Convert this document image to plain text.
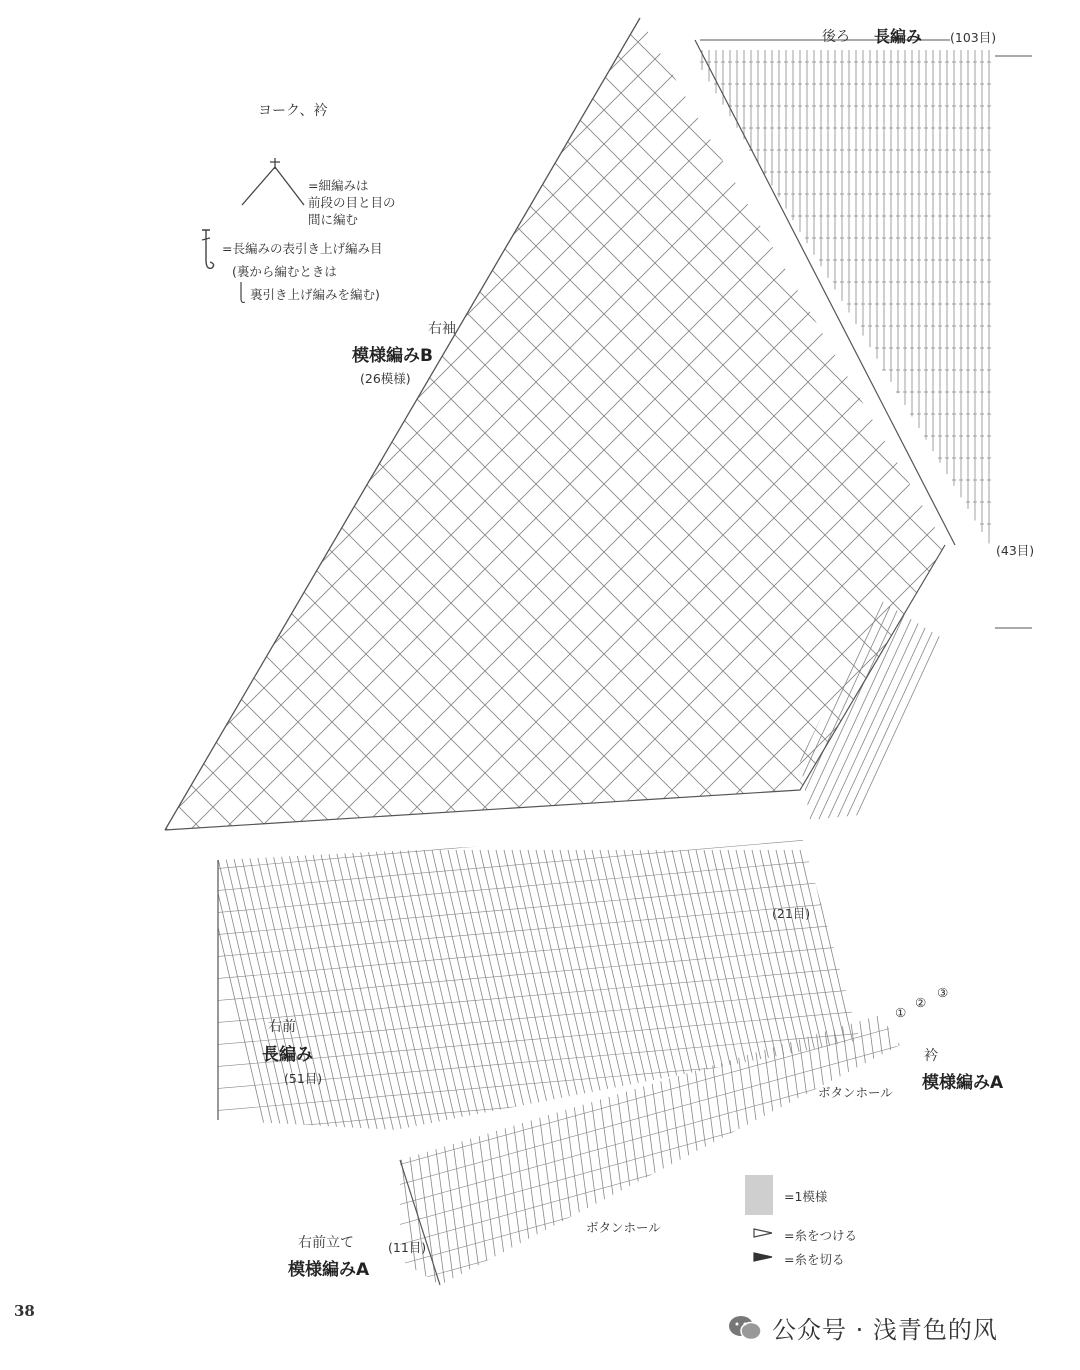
ヨーク、衿
=細編みは
前段の目と目の
間に編む
=長編みの表引き上げ編み目
(裏から編むときは
裏引き上げ編みを編む)
後ろ 長編み (103目)
(43目)
右袖
模様編みB
(26模様)
右前
長編み
(51目)
(21目)
①
②
③
衿
模様編みA
ボタンホール
ボタンホール
右前立て
模様編みA
(11目)
=1模様
=糸をつける
=糸を切る
38
公众号 · 浅青色的风
